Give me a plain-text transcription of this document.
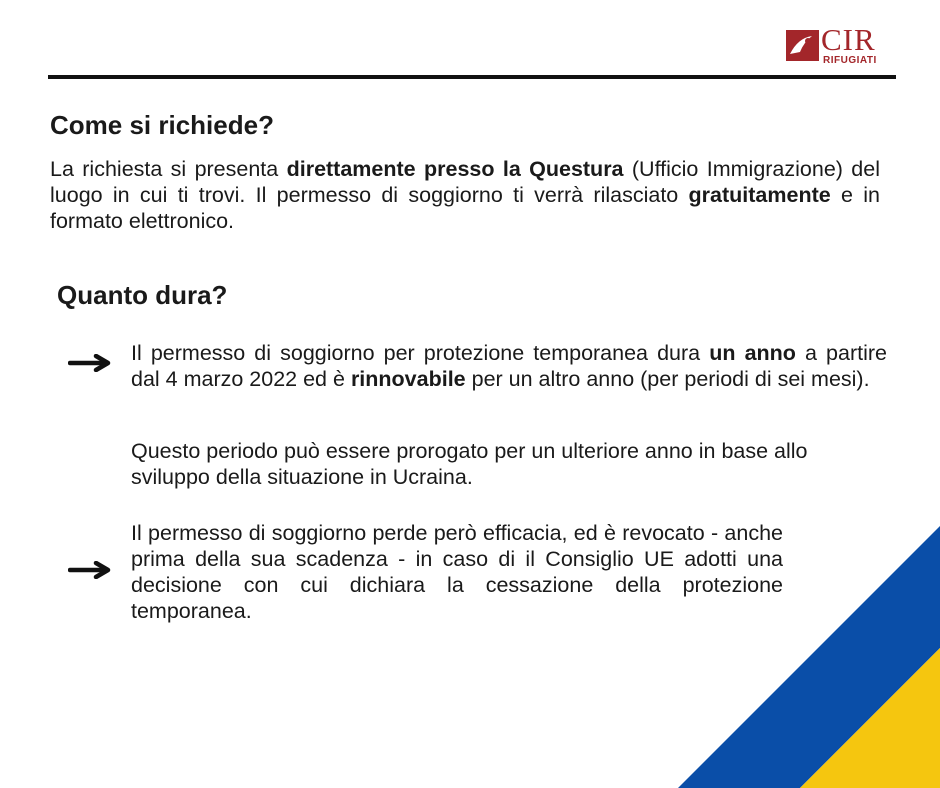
CIR
RIFUGIATI
Come si richiede?

La richiesta si presenta direttamente presso la Questura (Ufficio Immigrazione) del luogo in cui ti trovi. Il permesso di soggiorno ti verrà rilasciato gratuitamente e in formato elettronico.

Quanto dura?

Il permesso di soggiorno per protezione temporanea dura un anno a partire dal 4 marzo 2022 ed è rinnovabile per un altro anno (per periodi di sei mesi).

Questo periodo può essere prorogato per un ulteriore anno in base allo sviluppo della situazione in Ucraina.

Il permesso di soggiorno perde però efficacia, ed è revocato - anche prima della sua scadenza - in caso di il Consiglio UE adotti una decisione con cui dichiara la cessazione della protezione temporanea.
